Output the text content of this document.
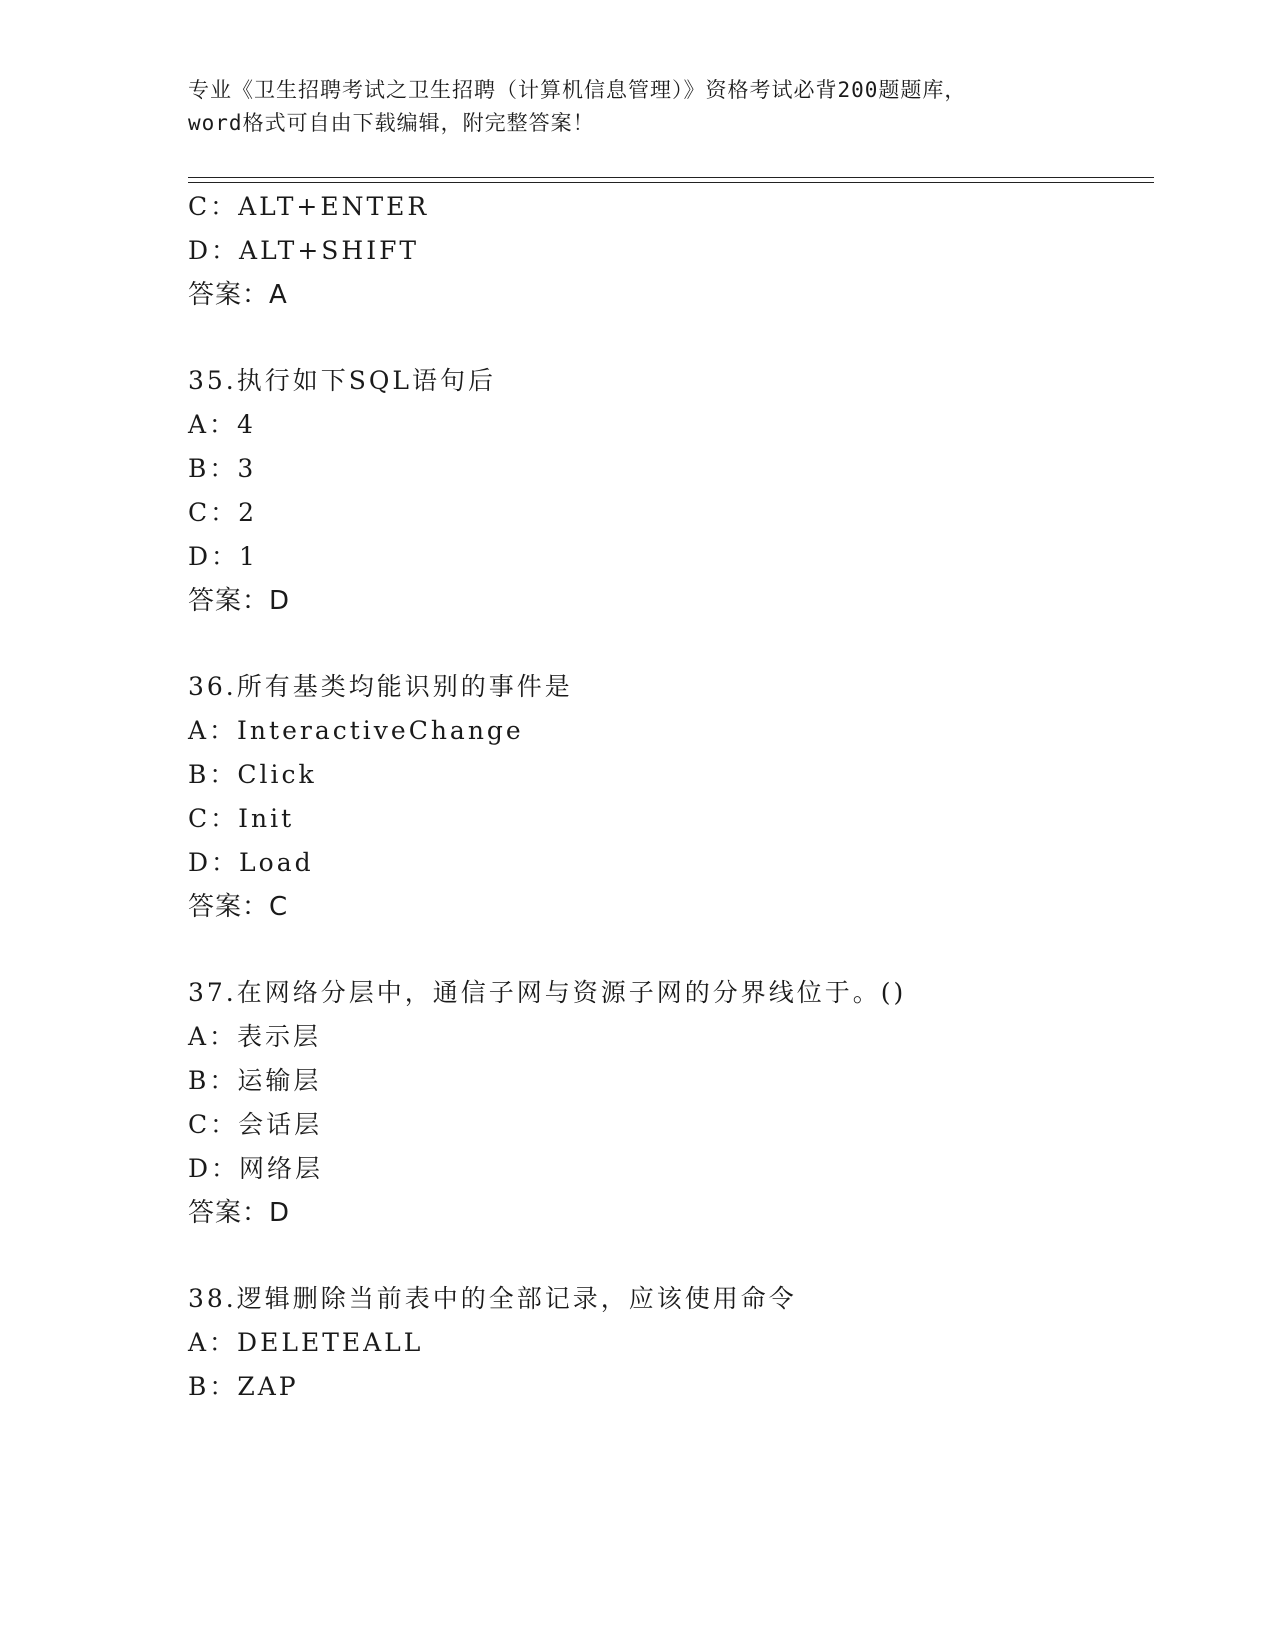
专业《卫生招聘考试之卫生招聘（计算机信息管理）》资格考试必背200题题库，
word格式可自由下载编辑，附完整答案！
C：ALT+ENTER
D：ALT+SHIFT
答案：A
35.执行如下SQL语句后
A：4
B：3
C：2
D：1
答案：D
36.所有基类均能识别的事件是
A：InteractiveChange
B：Click
C：Init
D：Load
答案：C
37.在网络分层中，通信子网与资源子网的分界线位于。()
A：表示层
B：运输层
C：会话层
D：网络层
答案：D
38.逻辑删除当前表中的全部记录，应该使用命令
A：DELETEALL
B：ZAP
